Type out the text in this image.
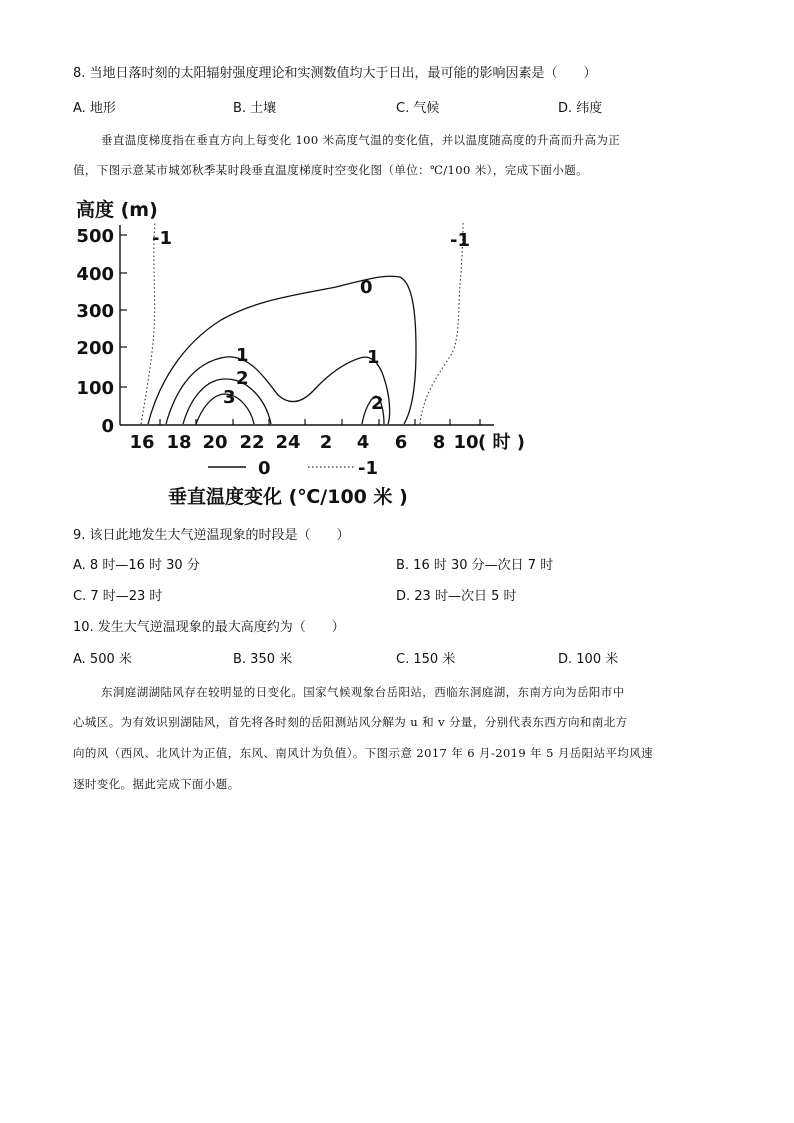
8. 当地日落时刻的太阳辐射强度理论和实测数值均大于日出，最可能的影响因素是（　　）
A. 地形	B. 土壤	C. 气候	D. 纬度
垂直温度梯度指在垂直方向上每变化 100 米高度气温的变化值，并以温度随高度的升高而升高为正
值，下图示意某市城郊秋季某时段垂直温度梯度时空变化图（单位：℃/100 米），完成下面小题。
高度 (m)
500
400
300
200
100
0
16 18 20 22 24 2 4 6 8 10 ( 时 )
-1	-1
0
1	1
2
2
3
0	-1
垂直温度变化 (℃/100 米 )
9. 该日此地发生大气逆温现象的时段是（　　）
A. 8 时—16 时 30 分	B. 16 时 30 分—次日 7 时
C. 7 时—23 时	D. 23 时—次日 5 时
10. 发生大气逆温现象的最大高度约为（　　）
A. 500 米	B. 350 米	C. 150 米	D. 100 米
东洞庭湖湖陆风存在较明显的日变化。国家气候观象台岳阳站，西临东洞庭湖，东南方向为岳阳市中
心城区。为有效识别湖陆风，首先将各时刻的岳阳测站风分解为 u 和 v 分量，分别代表东西方向和南北方
向的风（西风、北风计为正值，东风、南风计为负值）。下图示意 2017 年 6 月-2019 年 5 月岳阳站平均风速
逐时变化。据此完成下面小题。
